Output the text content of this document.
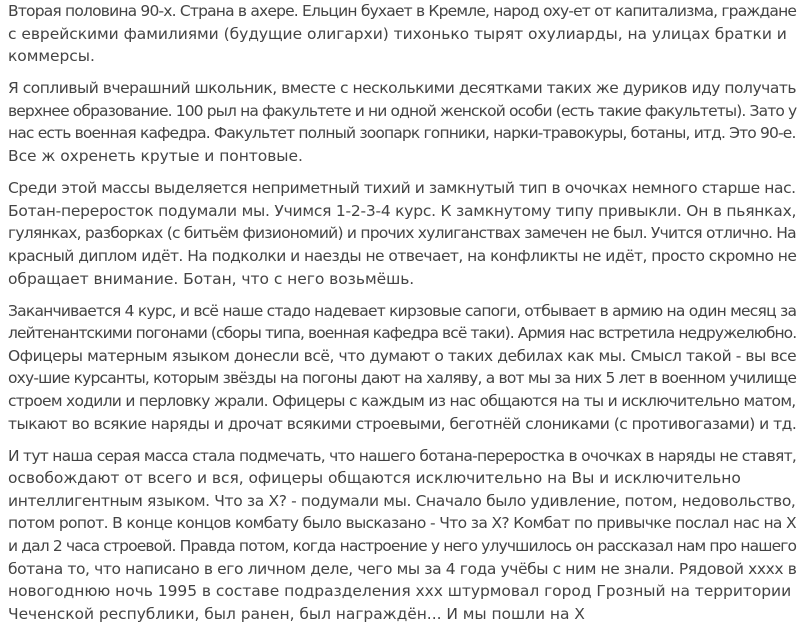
Вторая половина 90-х. Страна в ахере. Ельцин бухает в Кремле, народ оху-ет от капитализма, граждане
с еврейскими фамилиями (будущие олигархи) тихонько тырят охулиарды, на улицах братки и
коммерсы.

Я сопливый вчерашний школьник, вместе с несколькими десятками таких же дуриков иду получать
верхнее образование. 100 рыл на факультете и ни одной женской особи (есть такие факультеты). Зато у
нас есть военная кафедра. Факультет полный зоопарк гопники, нарки-травокуры, ботаны, итд. Это 90-е.
Все ж охренеть крутые и понтовые.

Среди этой массы выделяется неприметный тихий и замкнутый тип в очочках немного старше нас.
Ботан-переросток подумали мы. Учимся 1-2-3-4 курс. К замкнутому типу привыкли. Он в пьянках,
гулянках, разборках (с битьём физиономий) и прочих хулиганствах замечен не был. Учится отлично. На
красный диплом идёт. На подколки и наезды не отвечает, на конфликты не идёт, просто скромно не
обращает внимание. Ботан, что с него возьмёшь.

Заканчивается 4 курс, и всё наше стадо надевает кирзовые сапоги, отбывает в армию на один месяц за
лейтенантскими погонами (сборы типа, военная кафедра всё таки). Армия нас встретила недружелюбно.
Офицеры матерным языком донесли всё, что думают о таких дебилах как мы. Смысл такой - вы все
оху-шие курсанты, которым звёзды на погоны дают на халяву, а вот мы за них 5 лет в военном училище
строем ходили и перловку жрали. Офицеры с каждым из нас общаются на ты и исключительно матом,
тыкают во всякие наряды и дрочат всякими строевыми, беготнёй слониками (с противогазами) и тд.

И тут наша серая масса стала подмечать, что нашего ботана-переростка в очочках в наряды не ставят,
освобождают от всего и вся, офицеры общаются исключительно на Вы и исключительно
интеллигентным языком. Что за Х? - подумали мы. Сначало было удивление, потом, недовольство,
потом ропот. В конце концов комбату было высказано - Что за Х? Комбат по привычке послал нас на Х
и дал 2 часа строевой. Правда потом, когда настроение у него улучшилось он рассказал нам про нашего
ботана то, что написано в его личном деле, чего мы за 4 года учёбы с ним не знали. Рядовой хххх в
новогоднюю ночь 1995 в составе подразделения ххх штурмовал город Грозный на территории
Чеченской республики, был ранен, был награждён... И мы пошли на Х
